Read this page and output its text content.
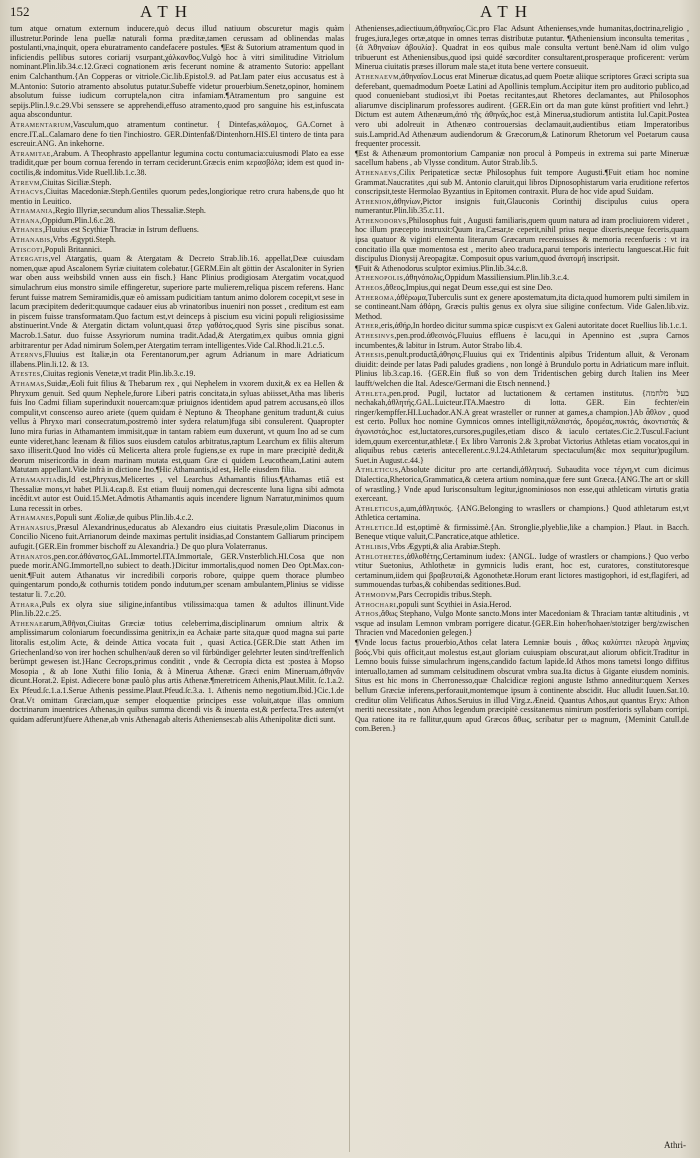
152	ATH	ATH

tum atque ornatum externum inducere,quò decus illud natiuum obscuretur magis quàm illustretur.Porinde lena puellæ naturali forma præditæ,tamen cerussam ad oblinendas malas postulanti,vna,inquit, opera eburatramento candefacere postules. ¶Est & Sutorium atramentum quod in inficiendis pellibus sutores coriarij vsurpant,χάλκανθος.Vulgò hoc à vitri similitudine Vitriolum nominant.Plin.lib.34.c.12.Græci cognationem æris fecerunt nomine & atramento Sutorio: appellant enim Calchanthum.{An Copperas or vitriole.Cic.lib.Epistol.9. ad Pat.Iam pater eius accusatus est à M.Antonio: Sutorio atramento absolutus putatur.Subeffe videtur prouerbium.Senetz,opinor, hominem absolutum fuisse iudicum corruptela,non citra infamiam.¶Atramentum pro sanguine est sepijs.Plin.l.9.c.29.Vbi senssere se apprehendi,effuso atramento,quod pro sanguine his est,infuscata aqua absconduntur.

Atramentarium,Vasculum,quo atramentum continetur. { Dintefas,κάλαμος, GA.Cornet à encre.IT.aL.Calamaro dene fo tien l'inchiostro. GER.Dintenfaß/Dintenhorn.HIS.El tintero de tinta para escreuir.ANG. An inkehorne.

Atramitae,Arabum. A Theophrasto appellantur legumina coctu contumacia:cuiusmodi Plato ea esse tradidit,quæ per boum cornua ferendo in terram ceciderunt.Græcis enim κερασβόλα; idem est quod incoctilis,& indomitus.Vide Ruell.lib.1.c.38.

Atrevm,Ciuitas Siciliæ.Steph.

Athacvs,Ciuitas Macedoniæ.Steph.Gentiles quorum pedes,longiorique retro crura habens,de quo ht mentio in Leuitico.

Athamania,Regio Illyriæ,secundum alios Thessaliæ.Steph.

Athana,Oppidum.Plin.l.6.c.28.

Athanes,Fluuius est Scythiæ Thraciæ in Istrum defluens.

Athanabis,Vrbs Ægypti.Steph.

Atiscoti,Populi Britannici.

Atergatis,vel Atargatis, quam & Atergatam & Decreto Strab.lib.16. appellat,Deæ cuiusdam nomen,quæ apud Ascalonem Syriæ ciuitatem colebatur.{GERM.Ein alt göttin der Ascaloniter in Syrien war oben auss weibsbild vnnen auss ein fisch.} Hanc Plinius prodigiosam Atergatim vocat,quod simulachrum eius monstro simile effingeretur, superiore parte mulierem,reliqua piscem referens. Hanc ferunt fuisse matrem Semiramidis,quæ eò amissam pudicitiam tantum animo dolorem cocepit,vt sese in lacum præcipitem dederit:quumque cadauer eius ab vrinatoribus inueniri non posset , creditum est eam in piscem fuisse transformatam.Quo factum est,vt deinceps à piscium esu vicini populi religiosissime abstinuerint.Vnde & Atergatin dictam volunt,quasi ἄτερ γαθάτος,quod Syris sine piscibus sonat. Macrob.1.Satur. duo fuisse Assyriorum numina tradit.Adad,& Atergatim,ex quibus omnia gigni arbitrarentur per Adad nimirum Solem,per Atergatim terram intelligentes.Vide Cal.Rhod.li.21.c.5.

Aternvs,Fluuius est Italiæ,in ota Ferentanorum,per agrum Adrianum in mare Adriaticum illabens.Plin.li.12. & 13.

Atestes,Ciuitas regionis Venetæ,vt tradit Plin.lib.3.c.19.

Athamas,Suidæ,Æoli fuit filius & Thebarum rex , qui Nephelem in vxorem duxit,& ex ea Hellen & Phryxum genuit. Sed quum Nephele,furore Liberi patris concitata,in syluas abiisset,Atha mas liberis fuis Ino Cadmi filiam superinduxit nouercam:quæ priuignos identidem apud patrem accusans,eò illos compulit,vt conscenso aureo ariete (quem quidam è Neptuno & Theophane genitum tradunt,& cuius vellus à Phryxo mari consecratum,postremò inter sydera relatum)fuga sibi consulerent. Quapropter Iuno mira furias in Athamantem immisit,quæ in tantam rabiem eum duxerunt, vt quum Ino ad se cum eunte videret,hanc leænam & filios suos eiusdem catulos arbitratus,raptum Learchum ex filiis alterum saxo illiserit.Quod Ino vidès cū Melicerta altera prole fugiens,se ex rupe in mare præcipitè dedit,& deorum misericordia in deam marinam mutata est,quam Græ ci quidem Leucotheam,Latini autem Matutam appellant.Vide infrà in dictione Ino.¶Hic Athamantis,id est, Helle eiusdem filia.

Athamantiadis,Id est,Phryxus,Melicertes , vel Learchus Athamantis filius.¶Athamas etiā est Thessaliæ mons,vt habet Pl.li.4.cap.8. Est etiam fluuij nomen,qui decrescente luna ligna sibi admota incēdit.vt autor est Ouid.15.Met.Admotis Athamantis aquis incendere lignum Narratur,minimos quum Luna recessit in orbes.

Athamanes,Populi sunt Æoliæ,de quibus Plin.lib.4.c.2.

Athanasius,Præsul Alexandrinus,educatus ab Alexandro eius ciuitatis Præsule,olim Diaconus in Concilio Niceno fuit.Arrianorum deinde maximas pertulit insidias,ad Constantem Galliarum principem aufugit.{GER.Ein frommer bischoff zu Alexandria.} De quo plura Volaterranus.

Athanatos,pen.cor.ἀθάνατος,GAL.Immortel.ITA.Immortale, GER.Vnsterblich.HI.Cosa que non puede morir.ANG.Immortell,no subiect to death.}Dicitur immortalis,quod nomen Deo Opt.Max.conuenit.¶Fuit autem Athanatus vir incredibili corporis robore, quippe quem thorace plumbeo quingentarum pondo,& cothurnis totidem pondo indutum,per scenam ambulantem,Plinius se vidisse testatur li. 7.c.20.

Athara,Puls ex olyra siue siligine,infantibus vtilissima:qua tamen & adultos illinunt.Vide Plin.lib.22.c.25.

Athenaearum,Ἀθῆναι,Ciuitas Græciæ totius celeberrima,disciplinarum omnium altrix & amplissimarum coloniarum foecundissima genitrix,in ea Achaiæ parte sita,quæ quod magna sui parte litoralis est,olim Acte, & deinde Attica vocata fuit , quasi Actica.{GER.Die statt Athen im Griechenland/so von irer hochen schulhen/auß deren so vil fürbündiger gelehrter leuten sind/treffenlich berümpt gewesen ist.}Hanc Cecrops,primus conditit , vnde & Cecropia dicta est :postea à Mopso Mosopia , & ab Ione Xuthi filio Ionia, & à Minerua Athenæ. Græci enim Mineruam,ἀθηνᾶν dicunt.Horat.2. Epist. Adiecere bonæ paulò plus artis Athenæ.¶meretricem Athenis,Plaut.Milit. ſc.1.a.2. Ex Pfeud.ſc.1.a.1.Serue Athenis pessime.Plaut.Pfeud.ſc.3.a. 1. Athenis nemo negotium.Ibid.}Cic.1.de Orat.Vt omittam Græciam,quæ semper eloquentiæ principes esse voluit,atque illas omnium doctrinarum inuentrices Athenas,in quibus summa dicendi vis & inuenta est,& perfecta.Tres autem(vt quidam adferunt)fuere Athenæ,ab vnis Athenagab alteris Athenienses:ab aliis Athenipolitæ dicti sunt.

Athenienses,adiectiuum,ἀθηναῖος.Cic.pro Flac Adsunt Athenienses,vnde humanitas,doctrina,religio , fruges,iura,leges ortæ,atque in omnes terras distributæ putantur. ¶Atheniensium inconsulta temeritas , {ἀ Ἀθηναίων ἀβουλία}. Quadrat in eos quibus male consulta vertunt benè.Nam id olim vulgo tribuerunt est Atheniensibus,quod ipsi quidé sœcorditer consultarent,prosperaque proficerent: verùm Minerua ciuitatis præses illorum male sta,et ituta bene vertere consueuit.

Athenaevm,ἀθηναῖον.Locus erat Mineruæ dicatus,ad quem Poetæ aliique scriptores Græci scripta sua deferebant, quemadmodum Poetæ Latini ad Apollinis templum.Accipitur item pro auditorio publico,ad quod conueniebant studiosi,vt ibi Poetas recitantes,aut Rhetores declamantes, aut Philosophos aliarumve disciplinarum professores audirent. {GER.Ein ort da man gute künst profitiert vnd lehrt.} Dictum est autem Athenæum,ἀπό τῆς ἀθηνᾶς,hoc est,à Minerua,studiorum antistita Iul.Capit.Postea vero ubi adolreuit in Athenæo controuersias declamauit,audientibus etiam Imperatoribus suis.Lamprid.Ad Athenæum audiendorum & Græcorum,& Latinorum Rhetorum vel Poetarum causa frequenter processit.

¶Est & Athenæum promontorium Campaniæ non procul à Pompeιis in extrema sui parte Mineruæ sacellum habens , ab Vlysse conditum. Autor Strab.lib.5.

Athenaevs,Cilix Peripateticæ sectæ Philosophus fuit tempore Augusti.¶Fuit etiam hoc nomine Grammat.Naucratites ,qui sub M. Antonio claruit,qui libros Dipnosophistarum varia eruditione refertos conscripsit,teste Hermolao Byzantius in Epitomen contraxit. Plura de hoc vide apud Suidam.

Athenion,ἀθηνίων,Pictor insignis fuit,Glauconis Corinthij discipulus cuius opera numerantur.Plin.lib.35.c.11.

Athenodorvs,Philosophus fuit , Augusti familiaris,quem quum natura ad iram procliuiorem videret , hoc illum præcepto instruxit:Quum ira,Cæsar,te ceperit,nihil prius neque dixeris,neque feceris,quam ipsa quatuor & viginti elementa literarum Græcarum recensuisses & memoria recenfueris : vt ira concitatio illa quæ momentosa est , merito abeo traduca,parui temporis interiectu languescat.Hic fuit discipulus Dionysij Areopagitæ. Composuit opus varium,quod ἀνατομή inscripsit.

¶Fuit & Athenodorus sculptor eximius.Plin.lib.34.c.8.

Athenopolis,ἀθηνόπολις,Oppidum Massiliensium.Plin.lib.3.c.4.

Atheos,ἄθεος,Impius,qui negat Deum esse,qui est sine Deo.

Atheroma,ἀθέρωμα,Tuberculis sunt ex genere apostematum,ita dicta,quod humorem pulti similem in se contineant.Nam ἀθάρη, Græcis pultis genus ex olyra siue siligine confectum. Vide Galen.lib.viz. Method.

Ather,eris,ἀθήρ,In hordeo dicitur summa spicæ cuspis:vt ex Galeni autoritate docet Ruellius lib.1.c.1.

Athesinvs,pen.prod.ἀθεσινός,Fluuius effluens è lacu,qui in Apennino est ,supra Carnos incumbentes,& labitur in Istrum. Autor Strabo lib.4.

Athesis,penult.productâ,ἀθησις.Fluuius qui ex Tridentinis alpibus Tridentum alluit, & Veronam diuidit: deinde per latas Padi paludes gradiens , non longè à Brundulo portu in Adriaticum mare influit. Plinius lib.3.cap.16. {GER.Ein fluß so von dem Tridentischen gebirg durch Italien ins Meer laufft/welchen die Ital. Adesce/Germani die Etsch nennend.}

Athleta,pen.prod. Pugil, luctator ad luctationem & certamen institutus. {בעל מלחמה nechakah,ἀθλητής.GAL.Luicteur.ITA.Maestro di lotta. GER. Ein fechter/ein ringer/kempffer.HI.Luchador.AN.A great wrasteller or runner at games,a champion.}Ab ἆθλον , quod est certo. Pollux hoc nomine Gymnicos omnes intelligit,πάλαιστάς, δρομέας,πυκτάς, ἀκοντιστάς & ἀγωνιστάς,hoc est,luctatores,cursores,pugiles,etiam disco & iaculo certates.Cic.2.Tuscul.Faciunt idem,quum exercentur,athletæ.{ Ex libro Varronis 2.& 3.probat Victorius Athletas etiam vocatos,qui in aliquibus rebus cæteris antecellerent.c.9.l.24.Athletarum spectaculum(&c mox sequitur)pugilum. Suet.in August.c.44.}

Athleticus,Absolute dicitur pro arte certandi,ἀθλητική. Subaudita voce τέχνη,vt cum dicimus Dialectica,Rhetorica,Grammatica,& cætera artium nomina,quæ fere sunt Græca.{ANG.The art or skill of wrastling.} Vnde apud Iurisconsultum legitur,ignominiosos non esse,qui athleticam virtutis gratia exerceant.

Athleticus,a,um,ἀθλητικός. {ANG.Belonging to wrasllers or champions.} Quod athletarum est,vt Athletica certamina.

Athletice.Id est,optimè & firmissimè.{An. Stronglie,plyeblie,like a champion.} Plaut. in Bacch. Beneque vtique valuit,C.Pancratice,atque athletice.

Athlibis,Vrbs Ægypti,& alia Arabiæ.Steph.

Athlothetes,ἀθλοθέτης,Certaminum iudex: {ANGL. Iudge of wrastlers or champions.} Quo verbo vtitur Suetonius, Athlothetæ in gymnicis ludis erant, hoc est, curatores, constitutoresque certaminum,iidem qui βραβευταί,& Agonothetæ.Horum erant lictores mastigophori, id est,flagiferi, ad summouendas turbas,& cohibendas seditiones.Bud.

Athmodvm,Pars Cecropidis tribus.Steph.

Athochari,populi sunt Scythiei in Asia.Herod.

Athos,ἄθως Stephano, Vulgo Monte sancto.Mons inter Macedoniam & Thraciam tantæ altitudinis , vt vsque ad insulam Lemnon vmbram porrigere dicatur.{GER.Ein hoher/hohaer/stotziger berg/zwischen Thracien vnd Macedonien gelegen.}

¶Vnde locus factus prouerbio,Athos celat latera Lemniæ bouis , ἄθως καλύπτει πλευρὰ λημνίας βοός.Vbi quis officit,aut molestus est,aut gloriam cuiuspiam obscurat,aut aliorum obficit.Traditur in Lemno bouis fuisse simulachrum ingens,candido factum lapide.Id Athos mons tametsi longo diffitus interuallo,tamen ad summam celsitudinem obscurat vmbra sua.Ita dictus à Gigante eiusdem nominis. Situs est hic mons in Cherronesso,quæ Chalcidicæ regioni anguste Isthmo anneditur:quem Xerxes bellum Græciæ inferens,perforauit,montemque ipsum à continente abscidit. Huc alludit Iuuen.Sat.10. creditur olim Velificatus Athos.Seruius in illud Virg.z.Æneid. Quantus Athos,aut quantus Eryx: Athon meriti necessitate , non Athos legendum præcipitè cessitanemus nimirum postferioris syllabam corripi. Qua ratione ita re fallitur,quum apud Græcos ἄθως, scribatur per ω magnum, {Meminit Catull.de com.Beren.}

Athri-
